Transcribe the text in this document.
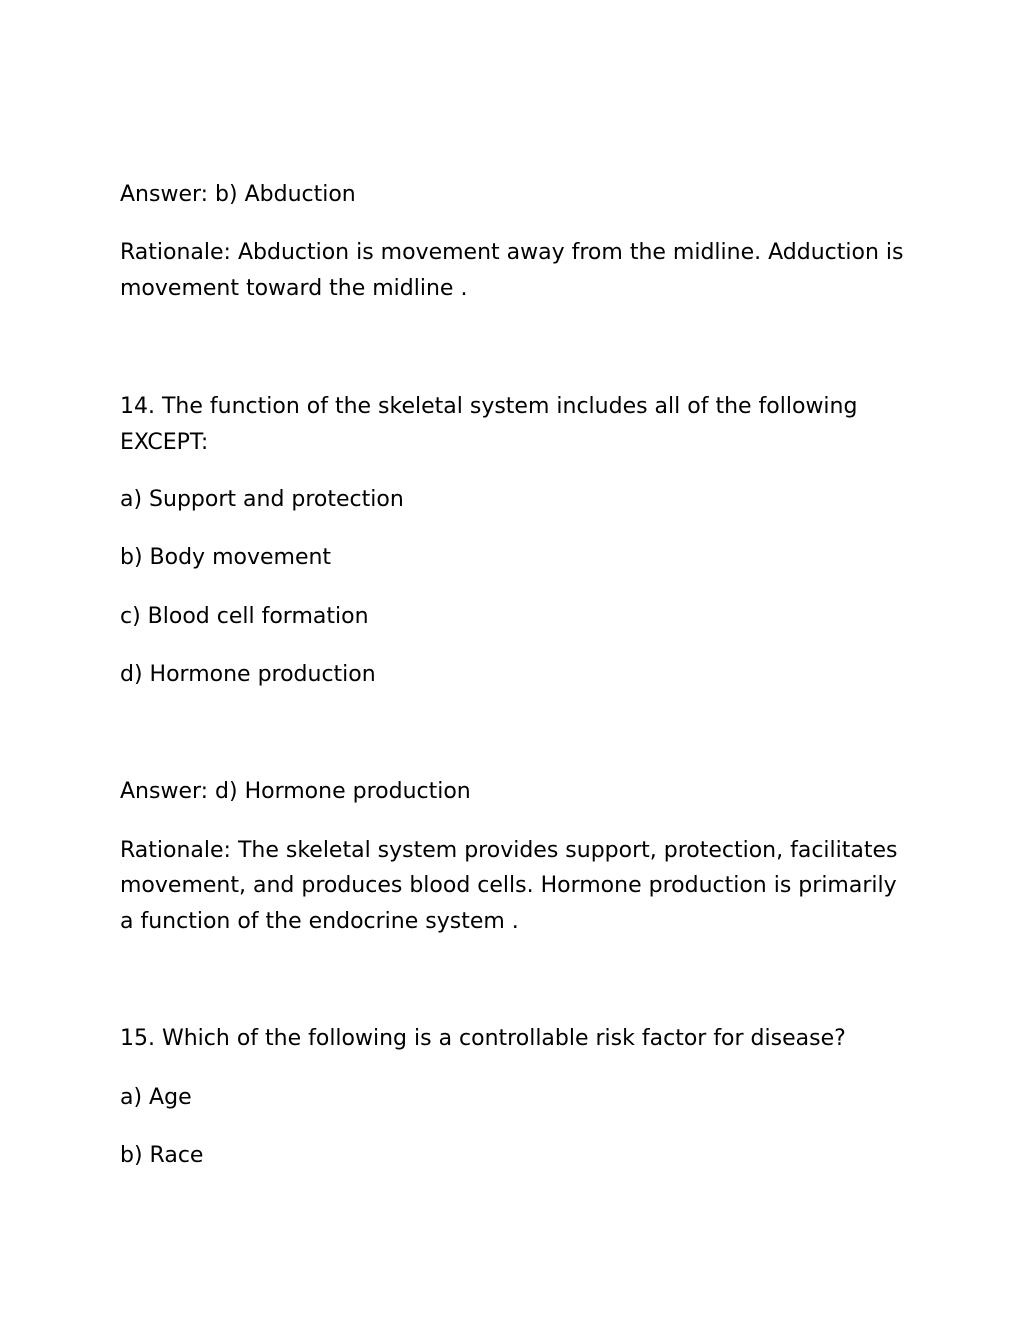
Answer: b) Abduction
Rationale: Abduction is movement away from the midline. Adduction is
movement toward the midline .
14. The function of the skeletal system includes all of the following
EXCEPT:
a) Support and protection
b) Body movement
c) Blood cell formation
d) Hormone production
Answer: d) Hormone production
Rationale: The skeletal system provides support, protection, facilitates
movement, and produces blood cells. Hormone production is primarily
a function of the endocrine system .
15. Which of the following is a controllable risk factor for disease?
a) Age
b) Race
